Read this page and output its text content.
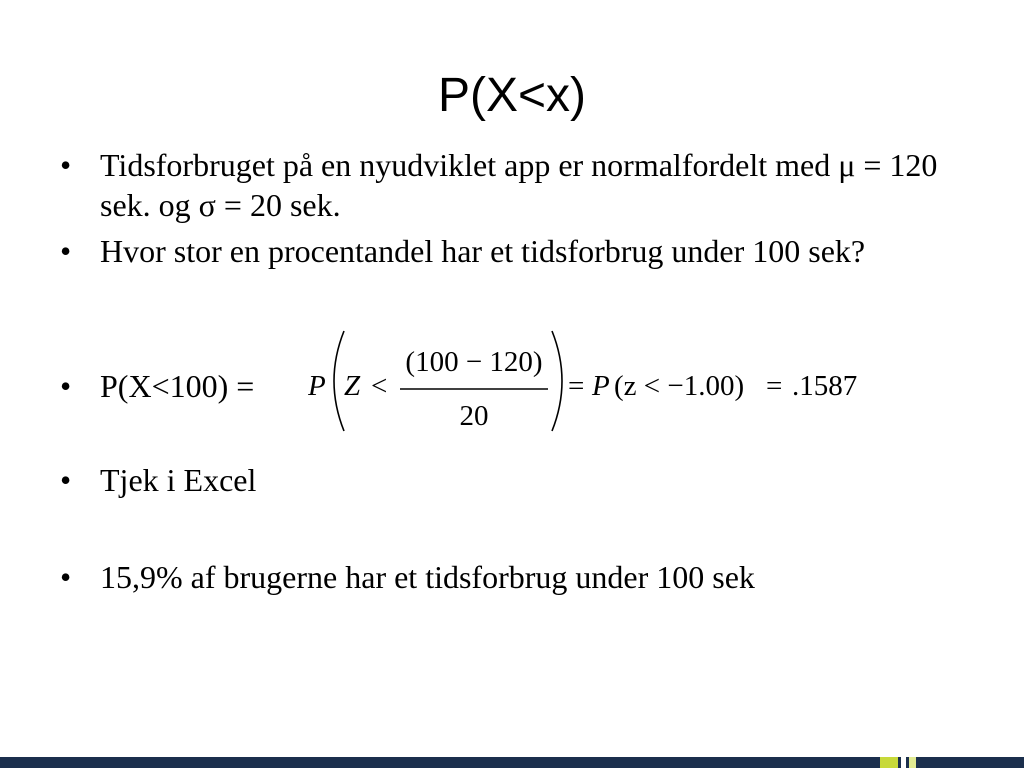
P(X<x)
• Tidsforbruget på en nyudviklet app er normalfordelt med μ = 120 sek. og σ = 20 sek.
• Hvor stor en procentandel har et tidsforbrug under 100 sek?
• P(X<100) =	P Z <
(100 − 120)
20
= P (z < −1.00) = .1587
• Tjek i Excel
• 15,9% af brugerne har et tidsforbrug under 100 sek
